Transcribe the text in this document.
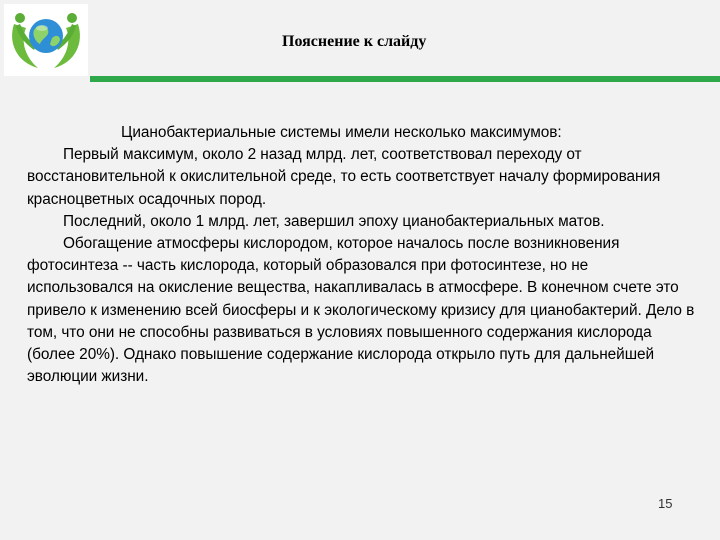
Пояснение к слайду

Цианобактериальные системы имели несколько максимумов:

Первый максимум, около 2 назад млрд. лет, соответствовал переходу от восстановительной к окислительной среде, то есть соответствует началу формирования красноцветных осадочных пород.

Последний, около 1 млрд. лет, завершил эпоху цианобактериальных матов.

Обогащение атмосферы кислородом, которое началось после возникновения фотосинтеза -- часть кислорода, который образовался при фотосинтезе, но не использовался на окисление вещества, накапливалась в атмосфере. В конечном счете это привело к изменению всей биосферы и к экологическому кризису для цианобактерий. Дело в том, что они не способны развиваться в условиях повышенного содержания кислорода (более 20%). Однако повышение содержание кислорода открыло путь для дальнейшей эволюции жизни.

15
